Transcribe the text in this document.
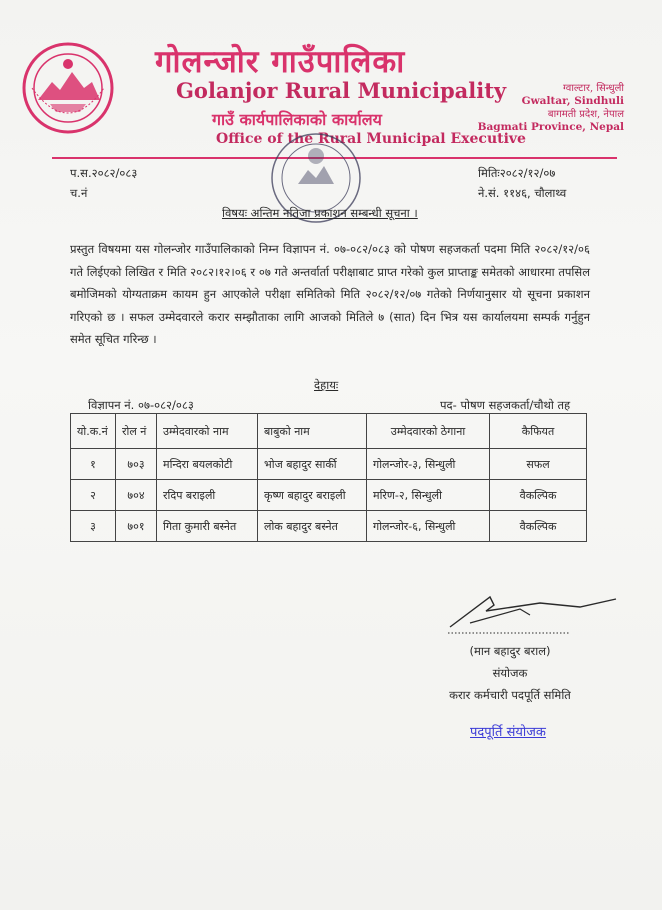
गोलन्जोर गाउँपालिका
Golanjor Rural Municipality
गाउँ कार्यपालिकाको कार्यालय
Office of the Rural Municipal Executive
ग्वाल्टार, सिन्धुली
Gwaltar, Sindhuli
बागमती प्रदेश, नेपाल
Bagmati Province, Nepal
प.स.२०८२/०८३
च.नं
मितिः२०८२/१२/०७
ने.सं. ११४६, चौलाथ्व
विषयः अन्तिम नतिजा प्रकाशन सम्बन्धी सूचना ।
प्रस्तुत विषयमा यस गोलन्जोर गाउँपालिकाको निम्न विज्ञापन नं. ०७-०८२/०८३ को पोषण सहजकर्ता पदमा मिति २०८२/१२/०६ गते लिईएको लिखित र मिति २०८२।१२।०६ र ०७ गते अन्तर्वार्ता परीक्षाबाट प्राप्त गरेको कुल प्राप्ताङ्क समेतको आधारमा तपसिल बमोजिमको योग्यताक्रम कायम हुन आएकोले परीक्षा समितिको मिति २०८२/१२/०७ गतेको निर्णयानुसार यो सूचना प्रकाशन गरिएको छ । सफल उम्मेदवारले करार सम्झौताका लागि आजको मितिले ७ (सात) दिन भित्र यस कार्यालयमा सम्पर्क गर्नुहुन समेत सूचित गरिन्छ ।
देहायः
विज्ञापन नं. ०७-०८२/०८३	पद- पोषण सहजकर्ता/चौथो तह
यो.क.नं	रोल नं	उम्मेदवारको नाम	बाबुको नाम	उम्मेदवारको ठेगाना	कैफियत
१	७०३	मन्दिरा बयलकोटी	भोज बहादुर सार्की	गोलन्जोर-३, सिन्धुली	सफल
२	७०४	रदिप बराइली	कृष्ण बहादुर बराइली	मरिण-२, सिन्धुली	वैकल्पिक
३	७०१	गिता कुमारी बस्नेत	लोक बहादुर बस्नेत	गोलन्जोर-६, सिन्धुली	वैकल्पिक
(मान बहादुर बराल)
संयोजक
करार कर्मचारी पदपूर्ति समिति
पदपूर्ति संयोजक
